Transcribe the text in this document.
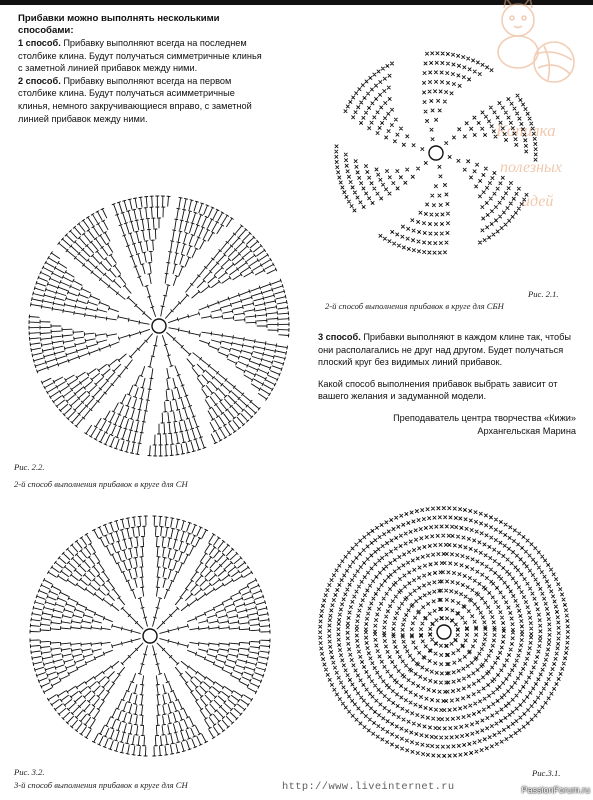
Прибавки можно выполнять несколькими способами:

1 способ. Прибавку выполняют всегда на последнем столбике клина. Будут получаться симметричные клинья с заметной линией прибавок между ними.

2 способ. Прибавку выполняют всегда на первом столбике клина. Будут получаться асимметричные клинья, немного закручивающиеся вправо, с заметной линией прибавок между ними.

Копилка
полезных
идей
Рис. 2.1.
2-й способ выполнения прибавок в круге для СБН
Рис. 2.2.
2-й способ выполнения прибавок в круге для СН

3 способ. Прибавки выполняют в каждом клине так, чтобы они располагались не друг над другом. Будет получаться плоский круг без видимых линий прибавок.

Какой способ выполнения прибавок выбрать зависит от вашего желания и задуманной модели.

Преподаватель центра творчества «Кижи»
Архангельская Марина
Рис. 3.2.
3-й способ выполнения прибавок в круге для СН
Рис.3.1.
http://www.liveinternet.ru	PassionForum.ru
